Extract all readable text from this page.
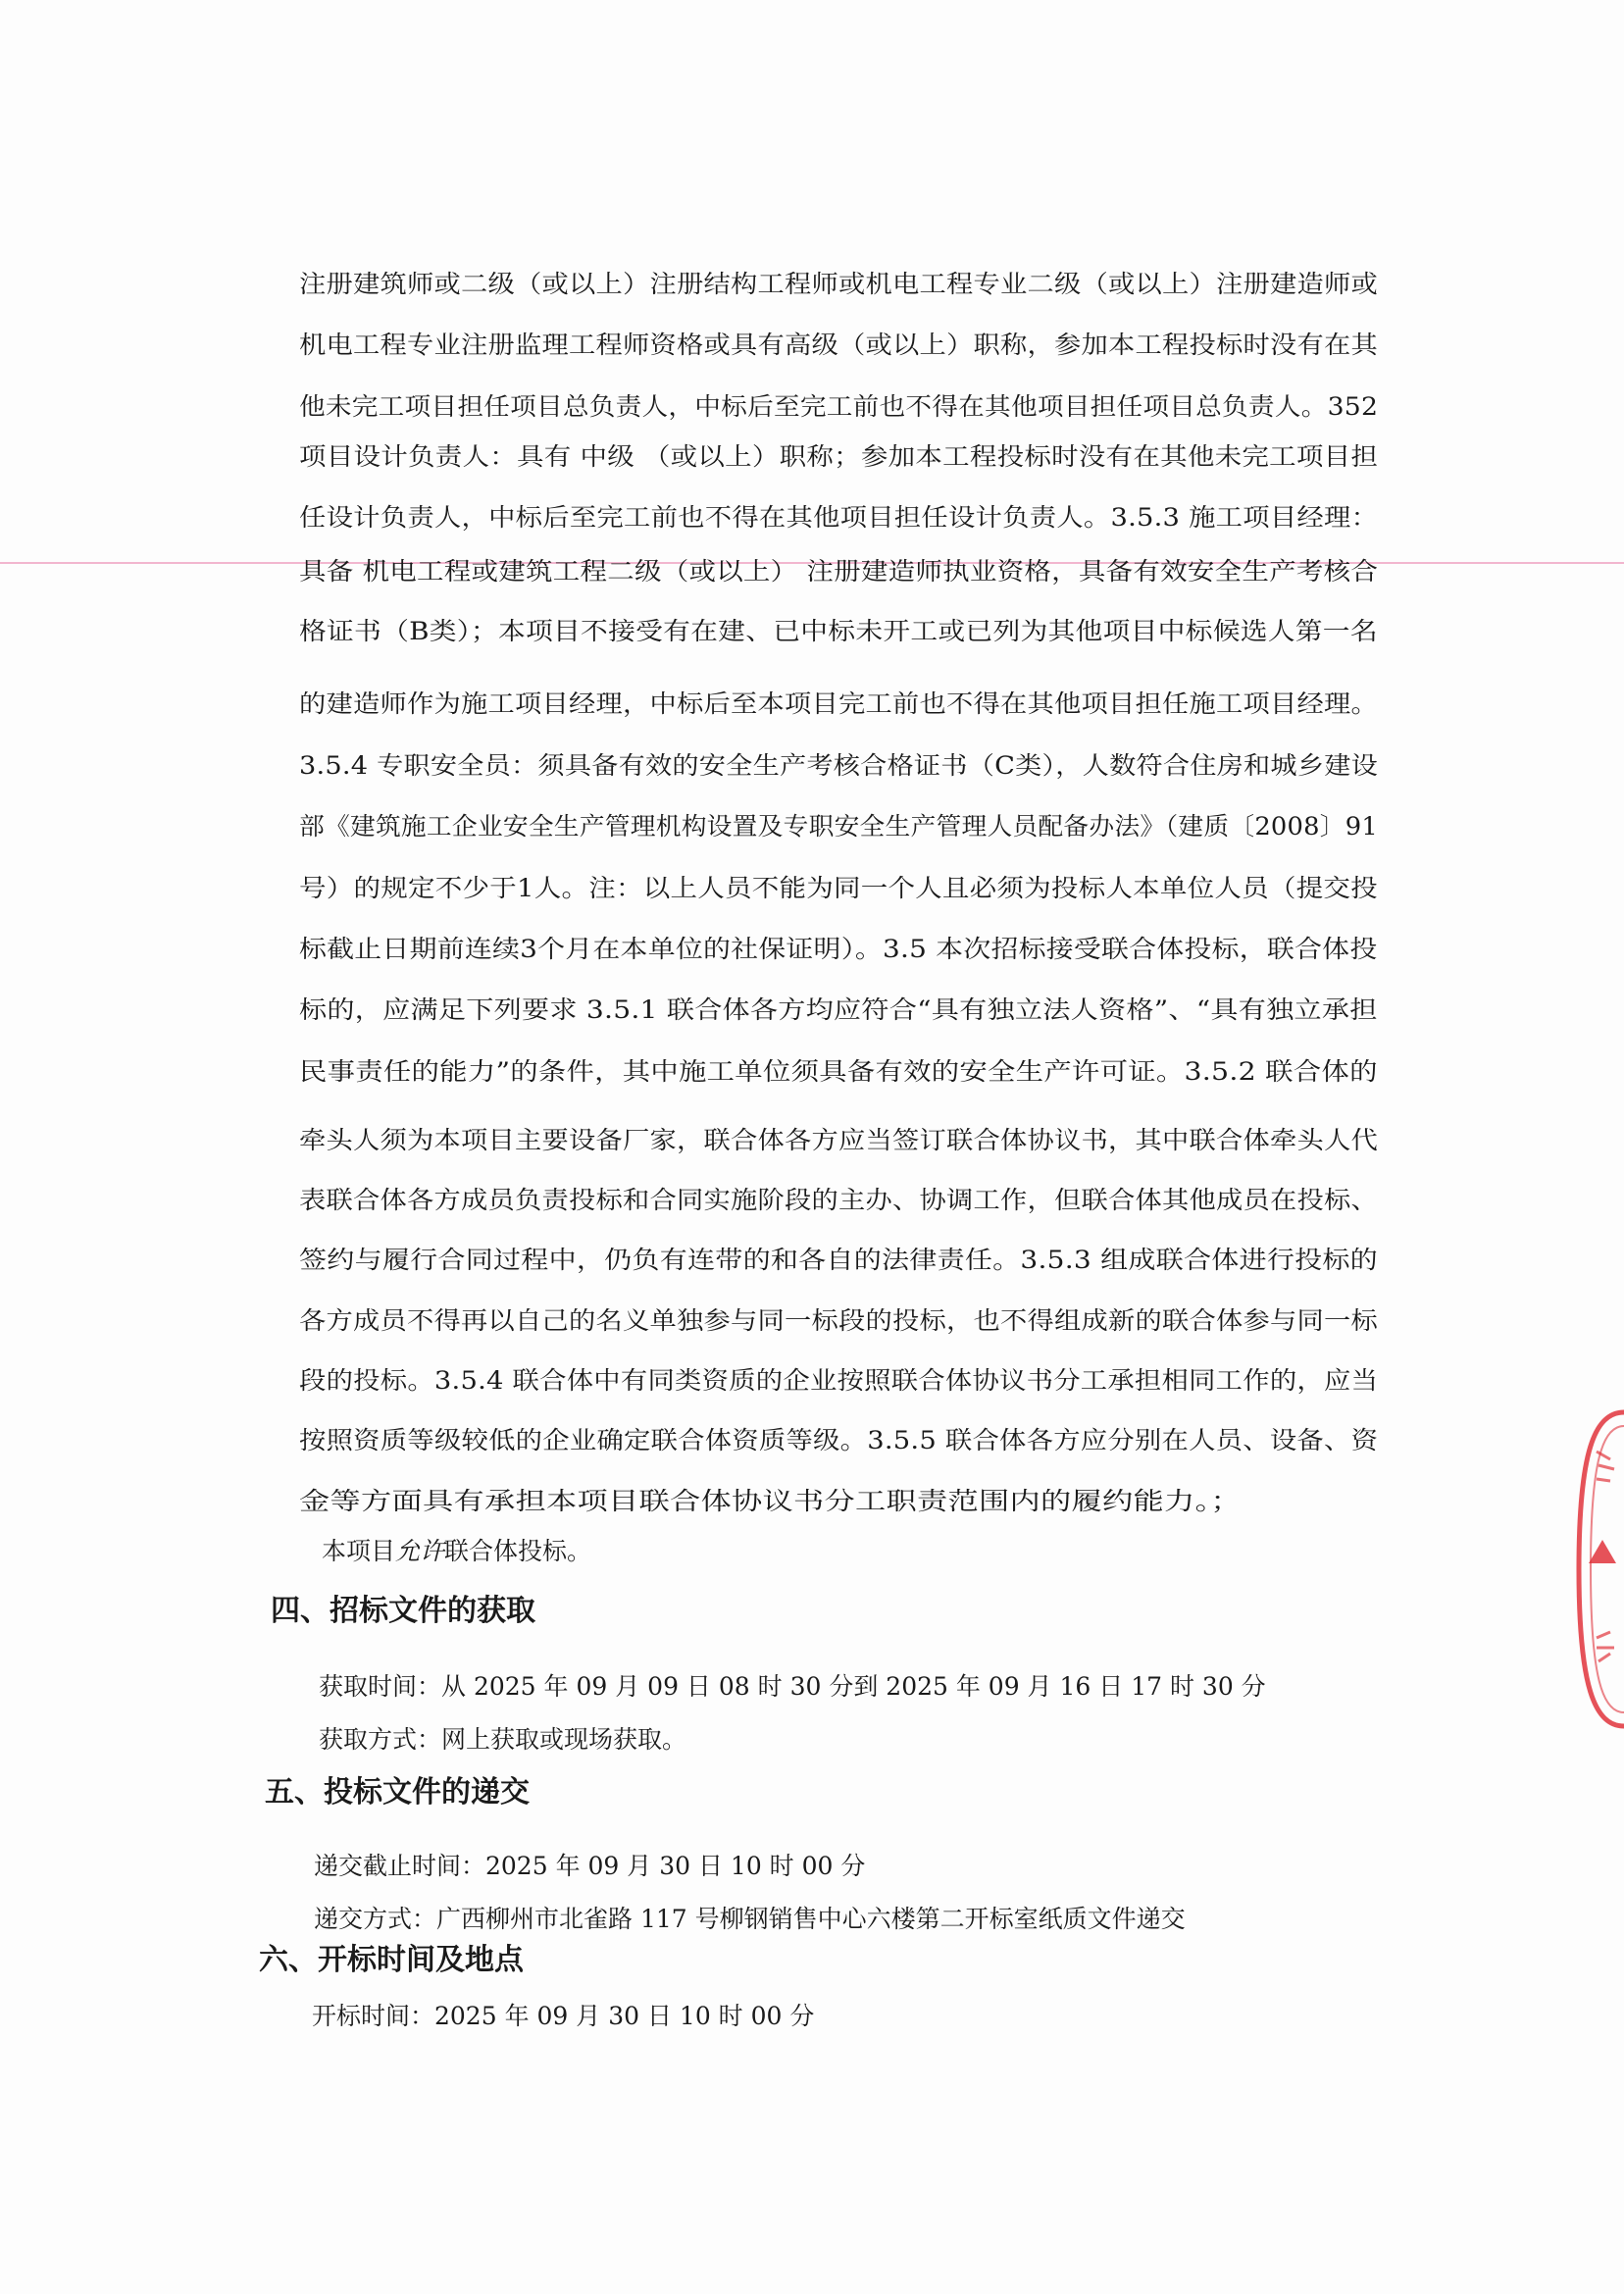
注册建筑师或二级（或以上）注册结构工程师或机电工程专业二级（或以上）注册建造师或
机电工程专业注册监理工程师资格或具有高级（或以上）职称，参加本工程投标时没有在其
他未完工项目担任项目总负责人，中标后至完工前也不得在其他项目担任项目总负责人。352
项目设计负责人：具有 中级 （或以上）职称；参加本工程投标时没有在其他未完工项目担
任设计负责人，中标后至完工前也不得在其他项目担任设计负责人。3.5.3 施工项目经理：
具备 机电工程或建筑工程二级（或以上） 注册建造师执业资格，具备有效安全生产考核合
格证书（B类）；本项目不接受有在建、已中标未开工或已列为其他项目中标候选人第一名
的建造师作为施工项目经理，中标后至本项目完工前也不得在其他项目担任施工项目经理。
3.5.4 专职安全员：须具备有效的安全生产考核合格证书（C类），人数符合住房和城乡建设
部《建筑施工企业安全生产管理机构设置及专职安全生产管理人员配备办法》（建质〔2008〕91
号）的规定不少于1人。注：以上人员不能为同一个人且必须为投标人本单位人员（提交投
标截止日期前连续3个月在本单位的社保证明）。3.5 本次招标接受联合体投标，联合体投
标的，应满足下列要求 3.5.1 联合体各方均应符合“具有独立法人资格”、“具有独立承担
民事责任的能力”的条件，其中施工单位须具备有效的安全生产许可证。3.5.2 联合体的
牵头人须为本项目主要设备厂家，联合体各方应当签订联合体协议书，其中联合体牵头人代
表联合体各方成员负责投标和合同实施阶段的主办、协调工作，但联合体其他成员在投标、
签约与履行合同过程中，仍负有连带的和各自的法律责任。3.5.3 组成联合体进行投标的
各方成员不得再以自己的名义单独参与同一标段的投标，也不得组成新的联合体参与同一标
段的投标。3.5.4 联合体中有同类资质的企业按照联合体协议书分工承担相同工作的，应当
按照资质等级较低的企业确定联合体资质等级。3.5.5 联合体各方应分别在人员、设备、资
金等方面具有承担本项目联合体协议书分工职责范围内的履约能力。；
本项目允许联合体投标。
四、招标文件的获取
获取时间：从 2025 年 09 月 09 日 08 时 30 分到 2025 年 09 月 16 日 17 时 30 分
获取方式：网上获取或现场获取。
五、投标文件的递交
递交截止时间：2025 年 09 月 30 日 10 时 00 分
递交方式：广西柳州市北雀路 117 号柳钢销售中心六楼第二开标室纸质文件递交
六、开标时间及地点
开标时间：2025 年 09 月 30 日 10 时 00 分
